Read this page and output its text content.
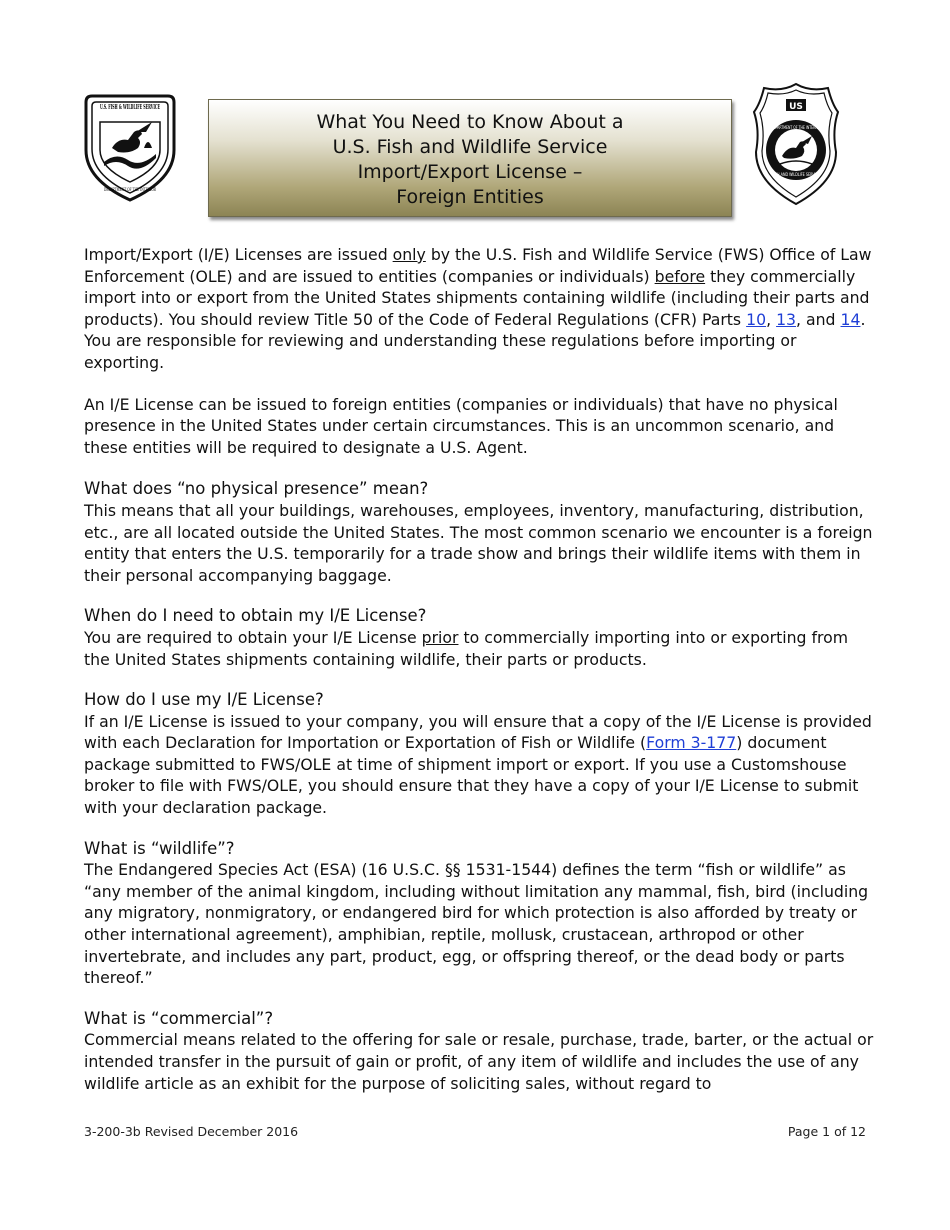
U.S. FISH & WILDLIFE SERVICE
DEPARTMENT OF THE INTERIOR
What You Need to Know About a
U.S. Fish and Wildlife Service
Import/Export License –
Foreign Entities
US
DEPARTMENT OF THE INTERIOR
FISH AND WILDLIFE SERVICE

Import/Export (I/E) Licenses are issued only by the U.S. Fish and Wildlife Service (FWS) Office of Law Enforcement (OLE) and are issued to entities (companies or individuals) before they commercially import into or export from the United States shipments containing wildlife (including their parts and products). You should review Title 50 of the Code of Federal Regulations (CFR) Parts 10, 13, and 14. You are responsible for reviewing and understanding these regulations before importing or exporting.

An I/E License can be issued to foreign entities (companies or individuals) that have no physical presence in the United States under certain circumstances. This is an uncommon scenario, and these entities will be required to designate a U.S. Agent.

What does “no physical presence” mean?

This means that all your buildings, warehouses, employees, inventory, manufacturing, distribution, etc., are all located outside the United States. The most common scenario we encounter is a foreign entity that enters the U.S. temporarily for a trade show and brings their wildlife items with them in their personal accompanying baggage.

When do I need to obtain my I/E License?

You are required to obtain your I/E License prior to commercially importing into or exporting from the United States shipments containing wildlife, their parts or products.

How do I use my I/E License?

If an I/E License is issued to your company, you will ensure that a copy of the I/E License is provided with each Declaration for Importation or Exportation of Fish or Wildlife (Form 3-177) document package submitted to FWS/OLE at time of shipment import or export. If you use a Customshouse broker to file with FWS/OLE, you should ensure that they have a copy of your I/E License to submit with your declaration package.

What is “wildlife”?

The Endangered Species Act (ESA) (16 U.S.C. §§ 1531-1544) defines the term “fish or wildlife” as “any member of the animal kingdom, including without limitation any mammal, fish, bird (including any migratory, nonmigratory, or endangered bird for which protection is also afforded by treaty or other international agreement), amphibian, reptile, mollusk, crustacean, arthropod or other invertebrate, and includes any part, product, egg, or offspring thereof, or the dead body or parts thereof.”

What is “commercial”?

Commercial means related to the offering for sale or resale, purchase, trade, barter, or the actual or intended transfer in the pursuit of gain or profit, of any item of wildlife and includes the use of any wildlife article as an exhibit for the purpose of soliciting sales, without regard to

3-200-3b Revised December 2016	Page 1 of 12
